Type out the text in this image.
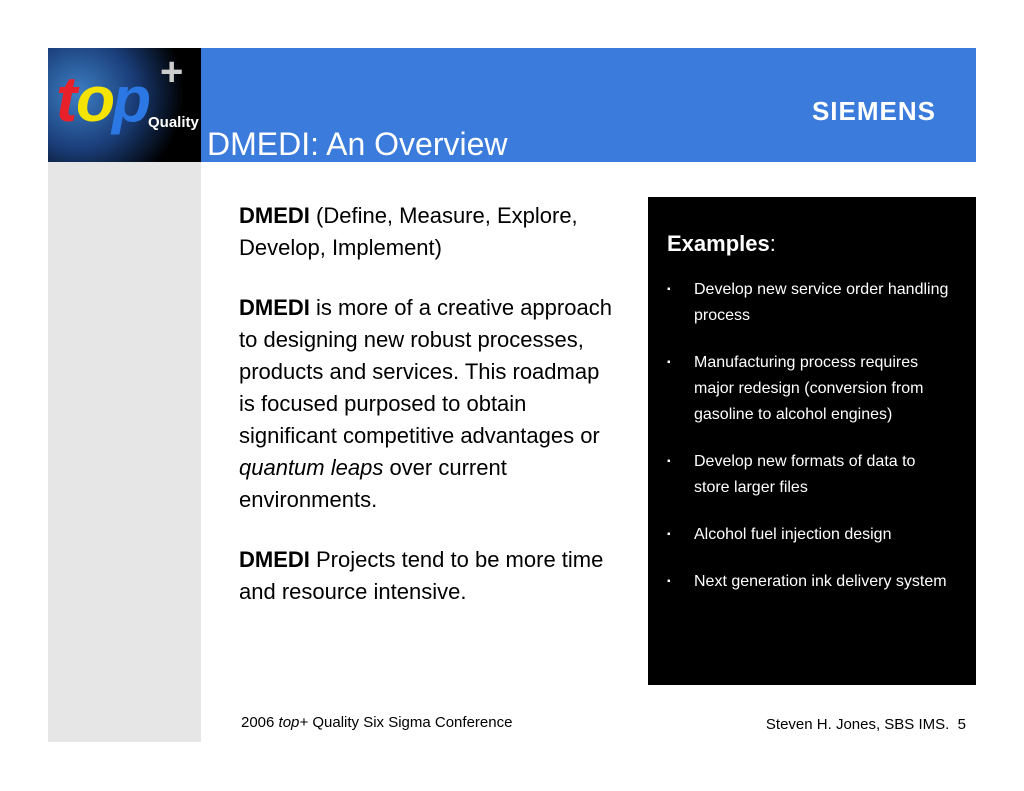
t
o
p +
Quality	SIEMENS
DMEDI: An Overview

DMEDI (Define, Measure, Explore, Develop, Implement)

DMEDI is more of a creative approach to designing new robust processes, products and services. This roadmap is focused purposed to obtain significant competitive advantages or quantum leaps over current environments.

DMEDI Projects tend to be more time and resource intensive.

Examples:
▪ Develop new service order handling process
▪ Manufacturing process requires major redesign (conversion from gasoline to alcohol engines)
▪ Develop new formats of data to store larger files
▪ Alcohol fuel injection design
▪ Next generation ink delivery system
2006 top+ Quality Six Sigma Conference	Steven H. Jones, SBS IMS.  5
